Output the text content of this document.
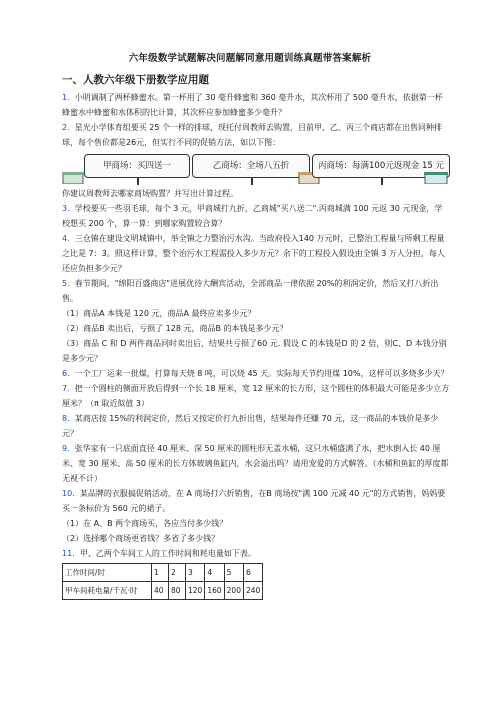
六年级数学试题解决问题解同意用题训练真题带答案解析
一、人教六年级下册数学应用题

1. 小明调制了两杯蜂蜜水。第一杯用了 30 毫升蜂蜜和 360 毫升水，其次杯用了 500 毫升水，依据第一杯蜂蜜水中蜂蜜和水体积的比计算，其次杯应参加蜂蜜多少毫升？

2. 星光小学体育组要买 25 个一样的排球，现托付周教师去购置，目前甲、乙、丙三个商店都在出售同种排球，每个售价都是26元，但实行不同的促销方法，如以下图：

甲商场：买四送一	乙商场：全场八五折	丙商场：每满100元返现金 15 元

你建议周教师去哪家商场购置？并写出计算过程。

3. 学校要买一些羽毛球，每个 3 元，甲商城打九折，乙商城"买八送二".丙商城满 100 元返 30 元现金，学校想买 200 个，算一算：到哪家购置较合算？

4. 三仓镇在建设文明城镇中，举全镇之力整治污水沟。当政府投入140 万元时，已整治工程量与所剩工程量之比是 7：3。照这样计算，整个治污水工程需投入多少万元？余下的工程投入假设由全镇 3 万人分担，每人还应负担多少元？

5. 春节期间，"绵阳百盛商店"进展优待大酬宾活动，全部商品一律依据 20%的利润定价，然后又打八折出售。

（1）商品A 本钱是 120 元，商品A 最终应卖多少元？

（2）商品B 卖出后，亏损了 128 元，商品B 的本钱是多少元？

（3）商品 C 和 D 两件商品同时卖出后，结果共亏损了60 元. 假设 C 的本钱是D 的 2 倍，则C、D 本钱分别是多少元？

6. 一个工厂运来一批煤，打算每天烧 8 吨，可以烧 45 天。实际每天节约用煤 10%，这样可以多烧多少天？

7. 把一个圆柱的侧面开放后得到一个长 18 厘米，宽 12 厘米的长方形，这个圆柱的体积最大可能是多少立方厘米？（π 取近似值 3）

8. 某商店按 15%的利润定价，然后又按定价打九折出售，结果每件还赚 70 元，这一商品的本钱价是多少元？

9. 张华家有一只底面直径 40 厘米、深 50 厘米的圆柱形无盖水桶，这只水桶盛满了水，把水倒入长 40 厘米、宽 30 厘米、高 50 厘米的长方体玻璃鱼缸内，水会溢出吗？请用宠爱的方式解答。（水桶和鱼缸的厚度都无视不计）

10. 某品牌的衣服搞促销活动，在 A 商场打六折销售，在B 商场按"满 100 元减 40 元"的方式销售，妈妈要买一条标价为 560 元的裙子。

（1）在 A、B 两个商场买，各应当付多少钱？

（2）选择哪个商场更省钱？多省了多少钱？

11. 甲、乙两个车间工人的工作时间和耗电量如下表。

工作时间/时	1	2	3	4	5	6
甲车间耗电量/千瓦·时	40	80	120	160	200	240
